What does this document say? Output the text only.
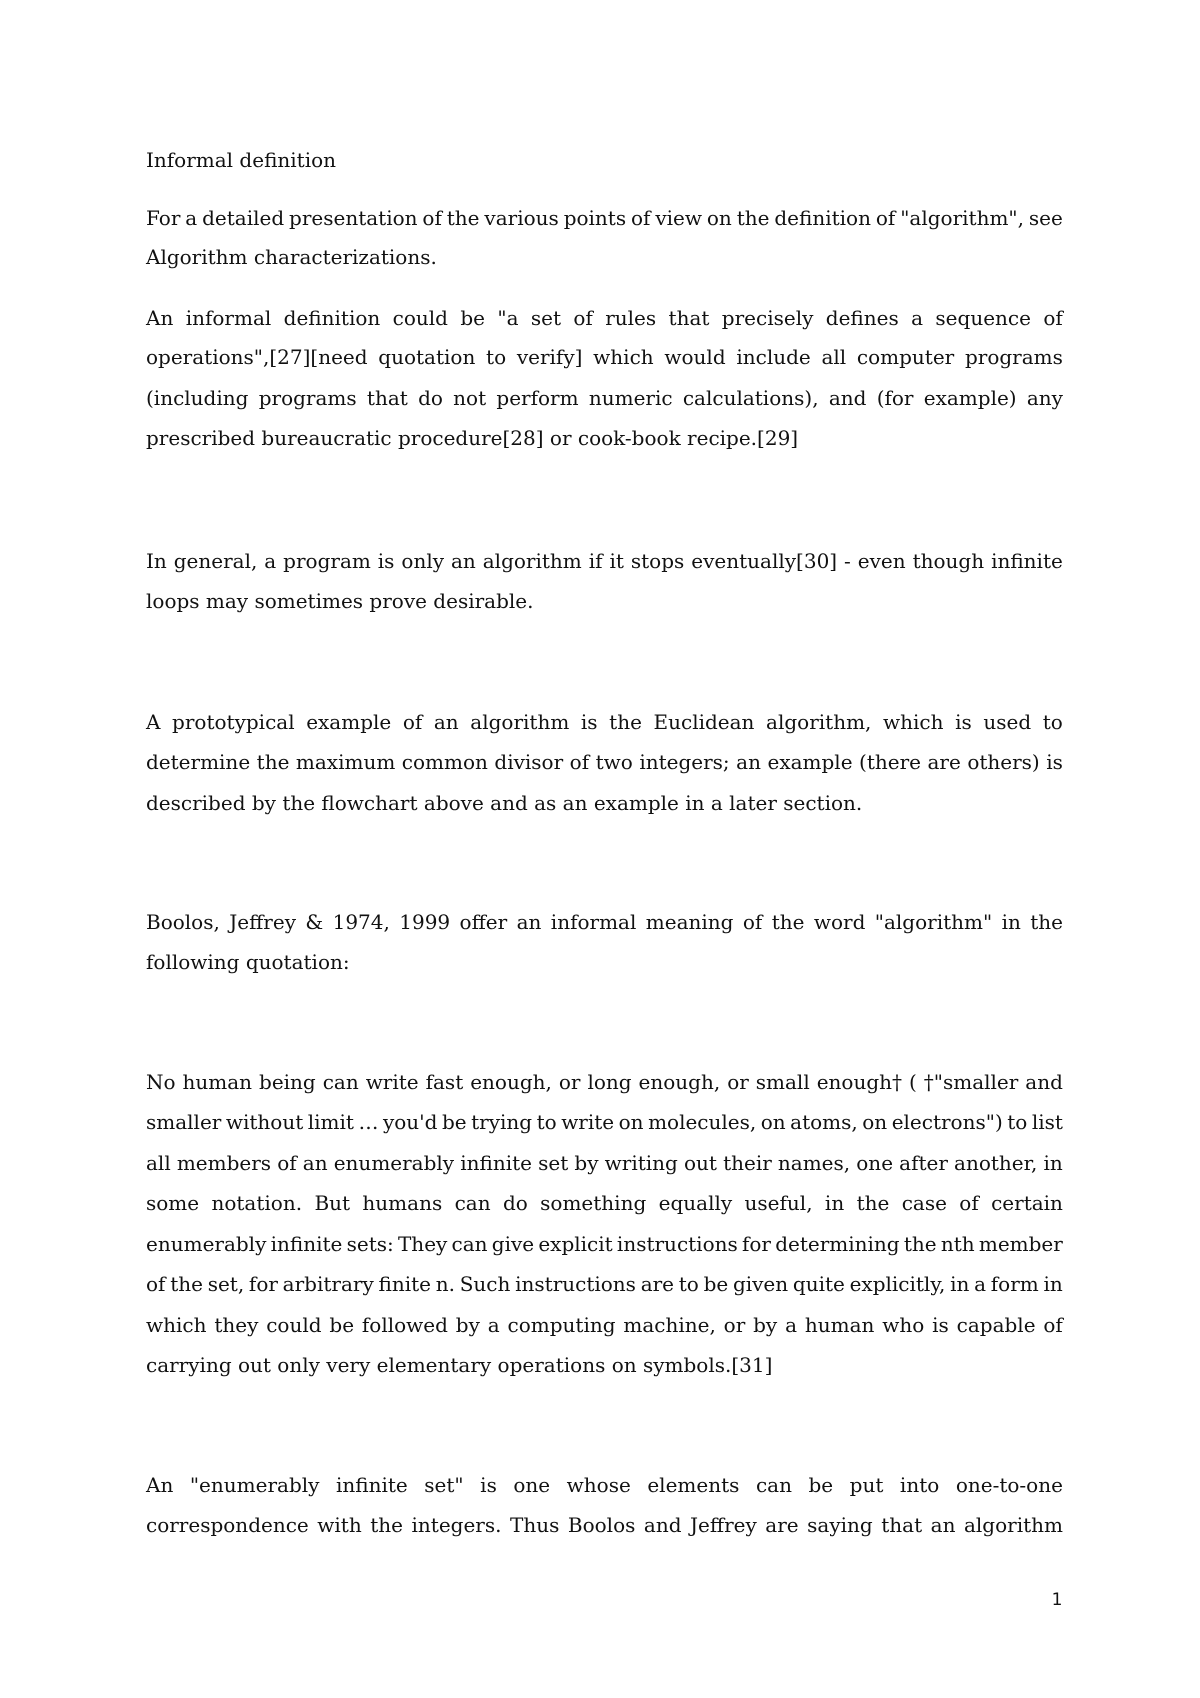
Informal definition
For a detailed presentation of the various points of view on the definition of "algorithm", see
Algorithm characterizations.
An informal definition could be "a set of rules that precisely defines a sequence of
operations",[27][need quotation to verify] which would include all computer programs
(including programs that do not perform numeric calculations), and (for example) any
prescribed bureaucratic procedure[28] or cook-book recipe.[29]
In general, a program is only an algorithm if it stops eventually[30] - even though infinite
loops may sometimes prove desirable.
A prototypical example of an algorithm is the Euclidean algorithm, which is used to
determine the maximum common divisor of two integers; an example (there are others) is
described by the flowchart above and as an example in a later section.
Boolos, Jeffrey & 1974, 1999 offer an informal meaning of the word "algorithm" in the
following quotation:
No human being can write fast enough, or long enough, or small enough† ( †"smaller and
smaller without limit … you'd be trying to write on molecules, on atoms, on electrons") to list
all members of an enumerably infinite set by writing out their names, one after another, in
some notation. But humans can do something equally useful, in the case of certain
enumerably infinite sets: They can give explicit instructions for determining the nth member
of the set, for arbitrary finite n. Such instructions are to be given quite explicitly, in a form in
which they could be followed by a computing machine, or by a human who is capable of
carrying out only very elementary operations on symbols.[31]
An "enumerably infinite set" is one whose elements can be put into one-to-one
correspondence with the integers. Thus Boolos and Jeffrey are saying that an algorithm
1
